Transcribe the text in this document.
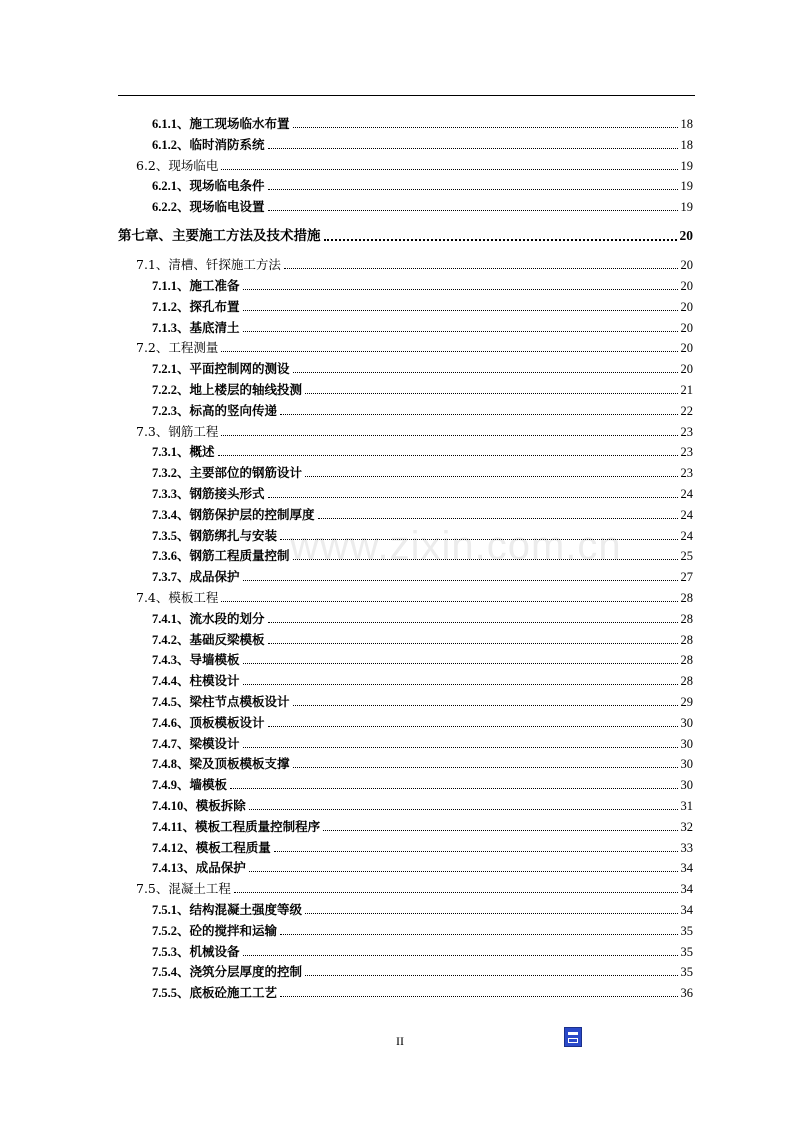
www.zixin.com.cn
6.1.1、施工现场临水布置	18
6.1.2、临时消防系统	18
6.2、现场临电	19
6.2.1、现场临电条件	19
6.2.2、现场临电设置	19
第七章、主要施工方法及技术措施	20
7.1、清槽、钎探施工方法	20
7.1.1、施工准备	20
7.1.2、探孔布置	20
7.1.3、基底清土	20
7.2、工程测量	20
7.2.1、平面控制网的测设	20
7.2.2、地上楼层的轴线投测	21
7.2.3、标高的竖向传递	22
7.3、钢筋工程	23
7.3.1、概述	23
7.3.2、主要部位的钢筋设计	23
7.3.3、钢筋接头形式	24
7.3.4、钢筋保护层的控制厚度	24
7.3.5、钢筋绑扎与安装	24
7.3.6、钢筋工程质量控制	25
7.3.7、成品保护	27
7.4、模板工程	28
7.4.1、流水段的划分	28
7.4.2、基础反梁模板	28
7.4.3、导墙模板	28
7.4.4、柱模设计	28
7.4.5、梁柱节点模板设计	29
7.4.6、顶板模板设计	30
7.4.7、梁模设计	30
7.4.8、梁及顶板模板支撑	30
7.4.9、墙模板	30
7.4.10、模板拆除	31
7.4.11、模板工程质量控制程序	32
7.4.12、模板工程质量	33
7.4.13、成品保护	34
7.5、混凝土工程	34
7.5.1、结构混凝土强度等级	34
7.5.2、砼的搅拌和运输	35
7.5.3、机械设备	35
7.5.4、浇筑分层厚度的控制	35
7.5.5、底板砼施工工艺	36
II
